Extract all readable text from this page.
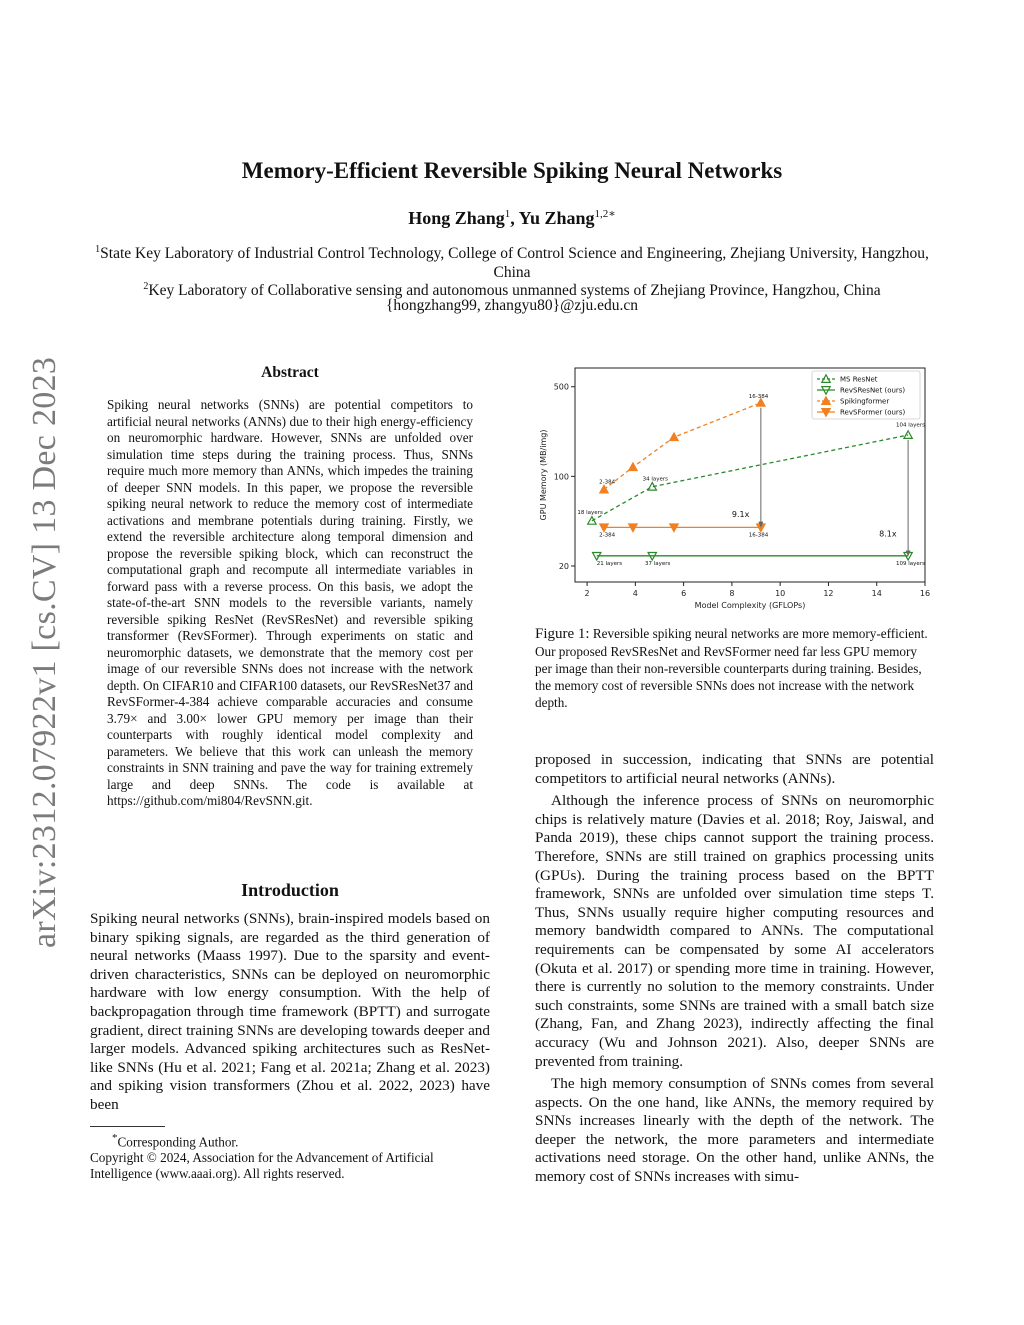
Memory-Efficient Reversible Spiking Neural Networks
Hong Zhang$^1$, Yu Zhang$^{1,2∗}$
$^1$State Key Laboratory of Industrial Control Technology, College of Control Science and Engineering, Zhejiang University, Hangzhou, China
$^2$Key Laboratory of Collaborative sensing and autonomous unmanned systems of Zhejiang Province, Hangzhou, China
{hongzhang99, zhangyu80}@zju.edu.cn
arXiv:2312.07922v1 [cs.CV] 13 Dec 2023	Abstract
Spiking neural networks (SNNs) are potential competitors to artificial neural networks (ANNs) due to their high energy-efficiency on neuromorphic hardware. However, SNNs are unfolded over simulation time steps during the training process. Thus, SNNs require much more memory than ANNs, which impedes the training of deeper SNN models. In this paper, we propose the reversible spiking neural network to reduce the memory cost of intermediate activations and membrane potentials during training. Firstly, we extend the reversible architecture along temporal dimension and propose the reversible spiking block, which can reconstruct the computational graph and recompute all intermediate variables in forward pass with a reverse process. On this basis, we adopt the state-of-the-art SNN models to the reversible variants, namely reversible spiking ResNet (RevSResNet) and reversible spiking transformer (RevSFormer). Through experiments on static and neuromorphic datasets, we demonstrate that the memory cost per image of our reversible SNNs does not increase with the network depth. On CIFAR10 and CIFAR100 datasets, our RevSResNet37 and RevSFormer-4-384 achieve comparable accuracies and consume 3.79× and 3.00× lower GPU memory per image than their counterparts with roughly identical model complexity and parameters. We believe that this work can unleash the memory constraints in SNN training and pave the way for training extremely large and deep SNNs. The code is available at https://github.com/mi804/RevSNN.git.
Introduction
Spiking neural networks (SNNs), brain-inspired models based on binary spiking signals, are regarded as the third generation of neural networks (Maass 1997). Due to the sparsity and event-driven characteristics, SNNs can be deployed on neuromorphic hardware with low energy consumption. With the help of backpropagation through time framework (BPTT) and surrogate gradient, direct training SNNs are developing towards deeper and larger models. Advanced spiking architectures such as ResNet-like SNNs (Hu et al. 2021; Fang et al. 2021a; Zhang et al. 2023) and spiking vision transformers (Zhou et al. 2022, 2023) have been
*Corresponding Author.
Copyright © 2024, Association for the Advancement of Artificial Intelligence (www.aaai.org). All rights reserved.
2	4	6	8	10	12	14	16
20
100
500
Model Complexity (GFLOPs)
GPU Memory (MB/img)	9.1x
8.1x
18 layers
34 layers
104 layers
2-384
16-384
2-384	16-384
21 layers	37 layers	109 layers
MS ResNet
RevSResNet (ours)
Spikingformer
RevSFormer (ours)
Figure 1: Reversible spiking neural networks are more memory-efficient. Our proposed RevSResNet and RevSFormer need far less GPU memory per image than their non-reversible counterparts during training. Besides, the memory cost of reversible SNNs does not increase with the network depth.

proposed in succession, indicating that SNNs are potential competitors to artificial neural networks (ANNs).

Although the inference process of SNNs on neuromorphic chips is relatively mature (Davies et al. 2018; Roy, Jaiswal, and Panda 2019), these chips cannot support the training process. Therefore, SNNs are still trained on graphics processing units (GPUs). During the training process based on the BPTT framework, SNNs are unfolded over simulation time steps T. Thus, SNNs usually require higher computing resources and memory bandwidth compared to ANNs. The computational requirements can be compensated by some AI accelerators (Okuta et al. 2017) or spending more time in training. However, there is currently no solution to the memory constraints. Under such constraints, some SNNs are trained with a small batch size (Zhang, Fan, and Zhang 2023), indirectly affecting the final accuracy (Wu and Johnson 2021). Also, deeper SNNs are prevented from training.

The high memory consumption of SNNs comes from several aspects. On the one hand, like ANNs, the memory required by SNNs increases linearly with the depth of the network. The deeper the network, the more parameters and intermediate activations need storage. On the other hand, unlike ANNs, the memory cost of SNNs increases with simu-
